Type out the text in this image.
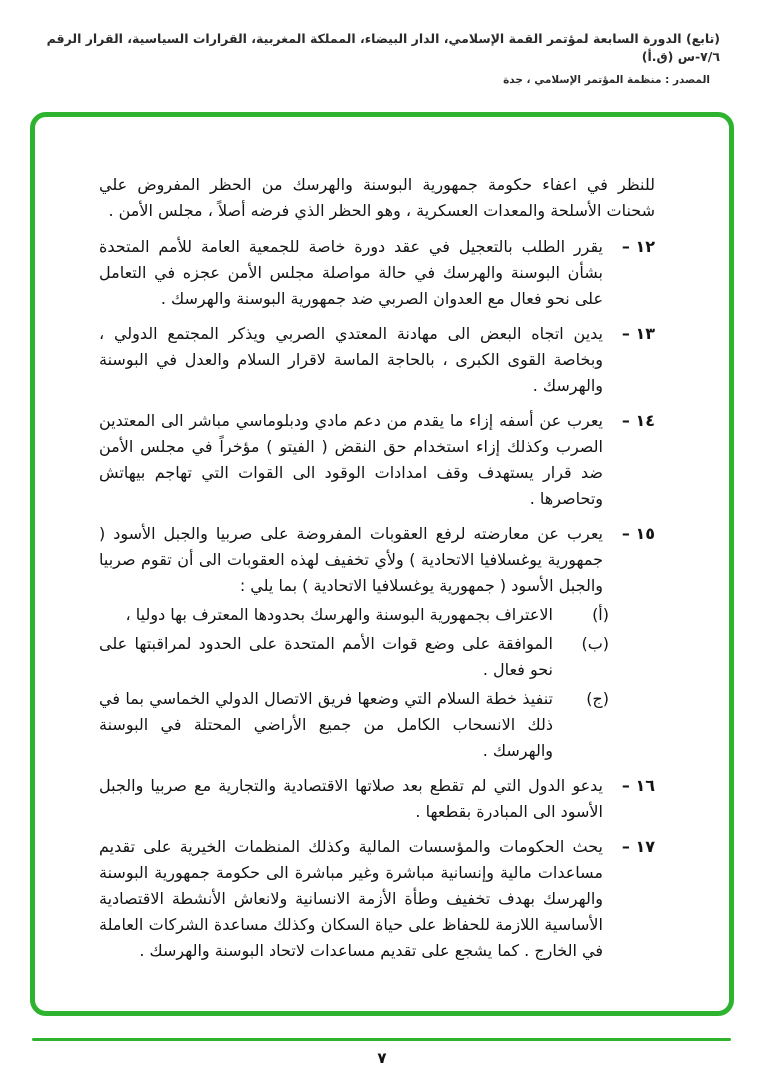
(تابع) الدورة السابعة لمؤتمر القمة الإسلامي، الدار البيضاء، المملكة المغربية، القرارات السياسية، القرار الرقم ٧/٦-س (ق.أ)
المصدر : منظمة المؤتمر الإسلامي ، جدة

للنظر في اعفاء حكومة جمهورية البوسنة والهرسك من الحظر المفروض علي شحنات الأسلحة والمعدات العسكرية ، وهو الحظر الذي فرضه أصلاً ، مجلس الأمن .

١٢ –
يقرر الطلب بالتعجيل في عقد دورة خاصة للجمعية العامة للأمم المتحدة بشأن البوسنة والهرسك في حالة مواصلة مجلس الأمن عجزه في التعامل على نحو فعال مع العدوان الصربي ضد جمهورية البوسنة والهرسك .
١٣ –
يدين اتجاه البعض الى مهادنة المعتدي الصربي ويذكر المجتمع الدولي ، وبخاصة القوى الكبرى ، بالحاجة الماسة لاقرار السلام والعدل في البوسنة والهرسك .
١٤ –
يعرب عن أسفه إزاء ما يقدم من دعم مادي ودبلوماسي مباشر الى المعتدين الصرب وكذلك إزاء استخدام حق النقض ( الفيتو ) مؤخراً في مجلس الأمن ضد قرار يستهدف وقف امدادات الوقود الى القوات التي تهاجم بيهاتش وتحاصرها .
١٥ –
يعرب عن معارضته لرفع العقوبات المفروضة على صربيا والجبل الأسود ( جمهورية يوغسلافيا الاتحادية ) ولأي تخفيف لهذه العقوبات الى أن تقوم صربيا والجبل الأسود ( جمهورية يوغسلافيا الاتحادية ) بما يلي :
(أ)
الاعتراف بجمهورية البوسنة والهرسك بحدودها المعترف بها دوليا ،
(ب)
الموافقة على وضع قوات الأمم المتحدة على الحدود لمراقبتها على نحو فعال .
(ج)
تنفيذ خطة السلام التي وضعها فريق الاتصال الدولي الخماسي بما في ذلك الانسحاب الكامل من جميع الأراضي المحتلة في البوسنة والهرسك .
١٦ –
يدعو الدول التي لم تقطع بعد صلاتها الاقتصادية والتجارية مع صربيا والجبل الأسود الى المبادرة بقطعها .
١٧ –
يحث الحكومات والمؤسسات المالية وكذلك المنظمات الخيرية على تقديم مساعدات مالية وإنسانية مباشرة وغير مباشرة الى حكومة جمهورية البوسنة والهرسك بهدف تخفيف وطأة الأزمة الانسانية ولانعاش الأنشطة الاقتصادية الأساسية اللازمة للحفاظ على حياة السكان وكذلك مساعدة الشركات العاملة في الخارج . كما يشجع على تقديم مساعدات لاتحاد البوسنة والهرسك .
٧
